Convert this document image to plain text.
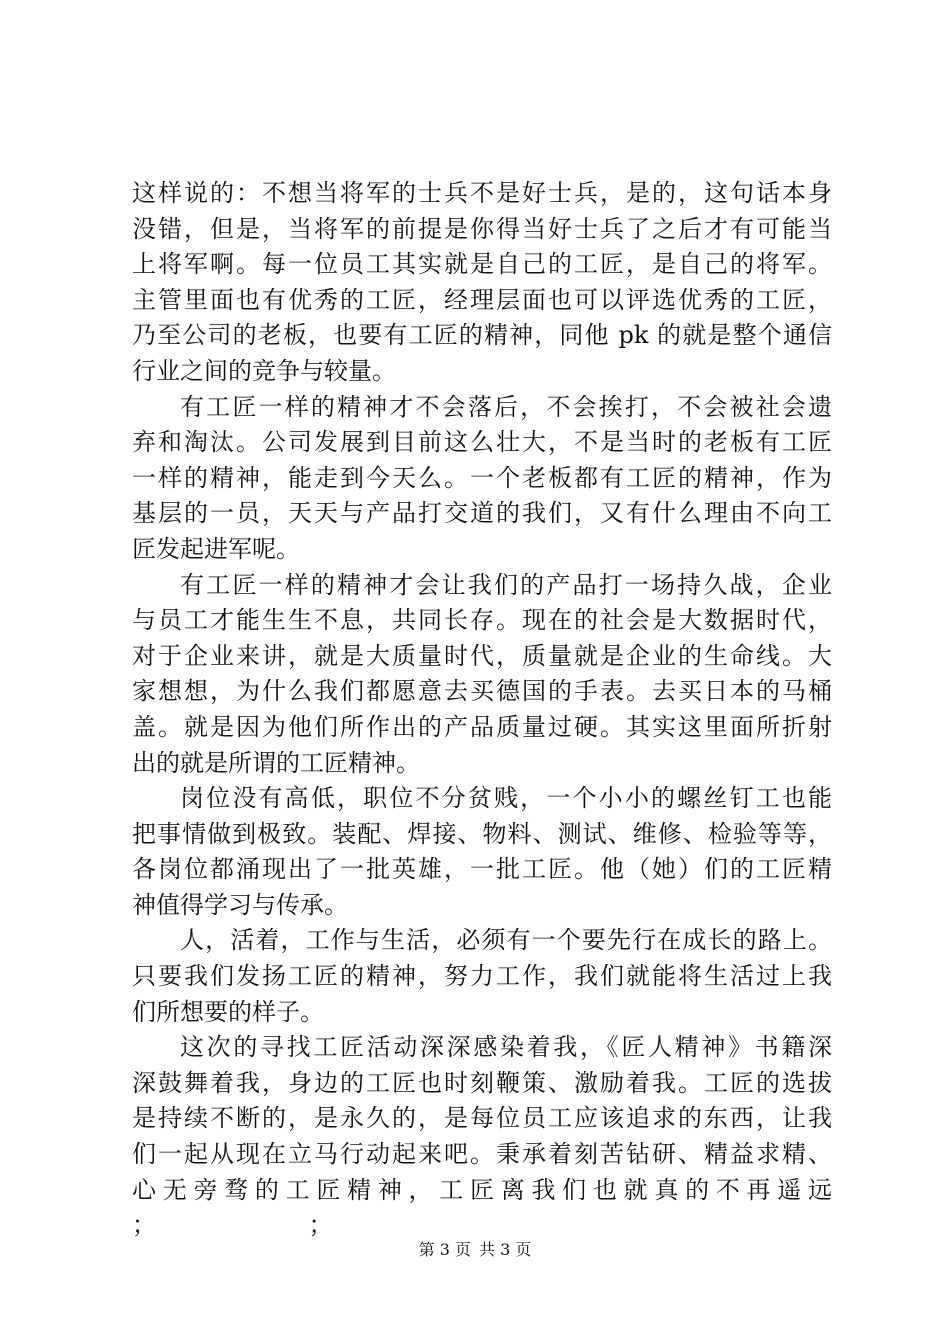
这样说的：不想当将军的士兵不是好士兵，是的，这句话本身
没错，但是，当将军的前提是你得当好士兵了之后才有可能当
上将军啊。每一位员工其实就是自己的工匠，是自己的将军。
主管里面也有优秀的工匠，经理层面也可以评选优秀的工匠，
乃至公司的老板，也要有工匠的精神，同他 pk 的就是整个通信
行业之间的竞争与较量。
有工匠一样的精神才不会落后，不会挨打，不会被社会遗
弃和淘汰。公司发展到目前这么壮大，不是当时的老板有工匠
一样的精神，能走到今天么。一个老板都有工匠的精神，作为
基层的一员，天天与产品打交道的我们，又有什么理由不向工
匠发起进军呢。
有工匠一样的精神才会让我们的产品打一场持久战，企业
与员工才能生生不息，共同长存。现在的社会是大数据时代，
对于企业来讲，就是大质量时代，质量就是企业的生命线。大
家想想，为什么我们都愿意去买德国的手表。去买日本的马桶
盖。就是因为他们所作出的产品质量过硬。其实这里面所折射
出的就是所谓的工匠精神。
岗位没有高低，职位不分贫贱，一个小小的螺丝钉工也能
把事情做到极致。装配、焊接、物料、测试、维修、检验等等，
各岗位都涌现出了一批英雄，一批工匠。他（她）们的工匠精
神值得学习与传承。
人，活着，工作与生活，必须有一个要先行在成长的路上。
只要我们发扬工匠的精神，努力工作，我们就能将生活过上我
们所想要的样子。
这次的寻找工匠活动深深感染着我，《匠人精神》书籍深
深鼓舞着我，身边的工匠也时刻鞭策、激励着我。工匠的选拔
是持续不断的，是永久的，是每位员工应该追求的东西，让我
们一起从现在立马行动起来吧。秉承着刻苦钻研、精益求精、
心无旁骛的工匠精神，工匠离我们也就真的不再遥远
；                    ；
第 3 页 共 3 页
